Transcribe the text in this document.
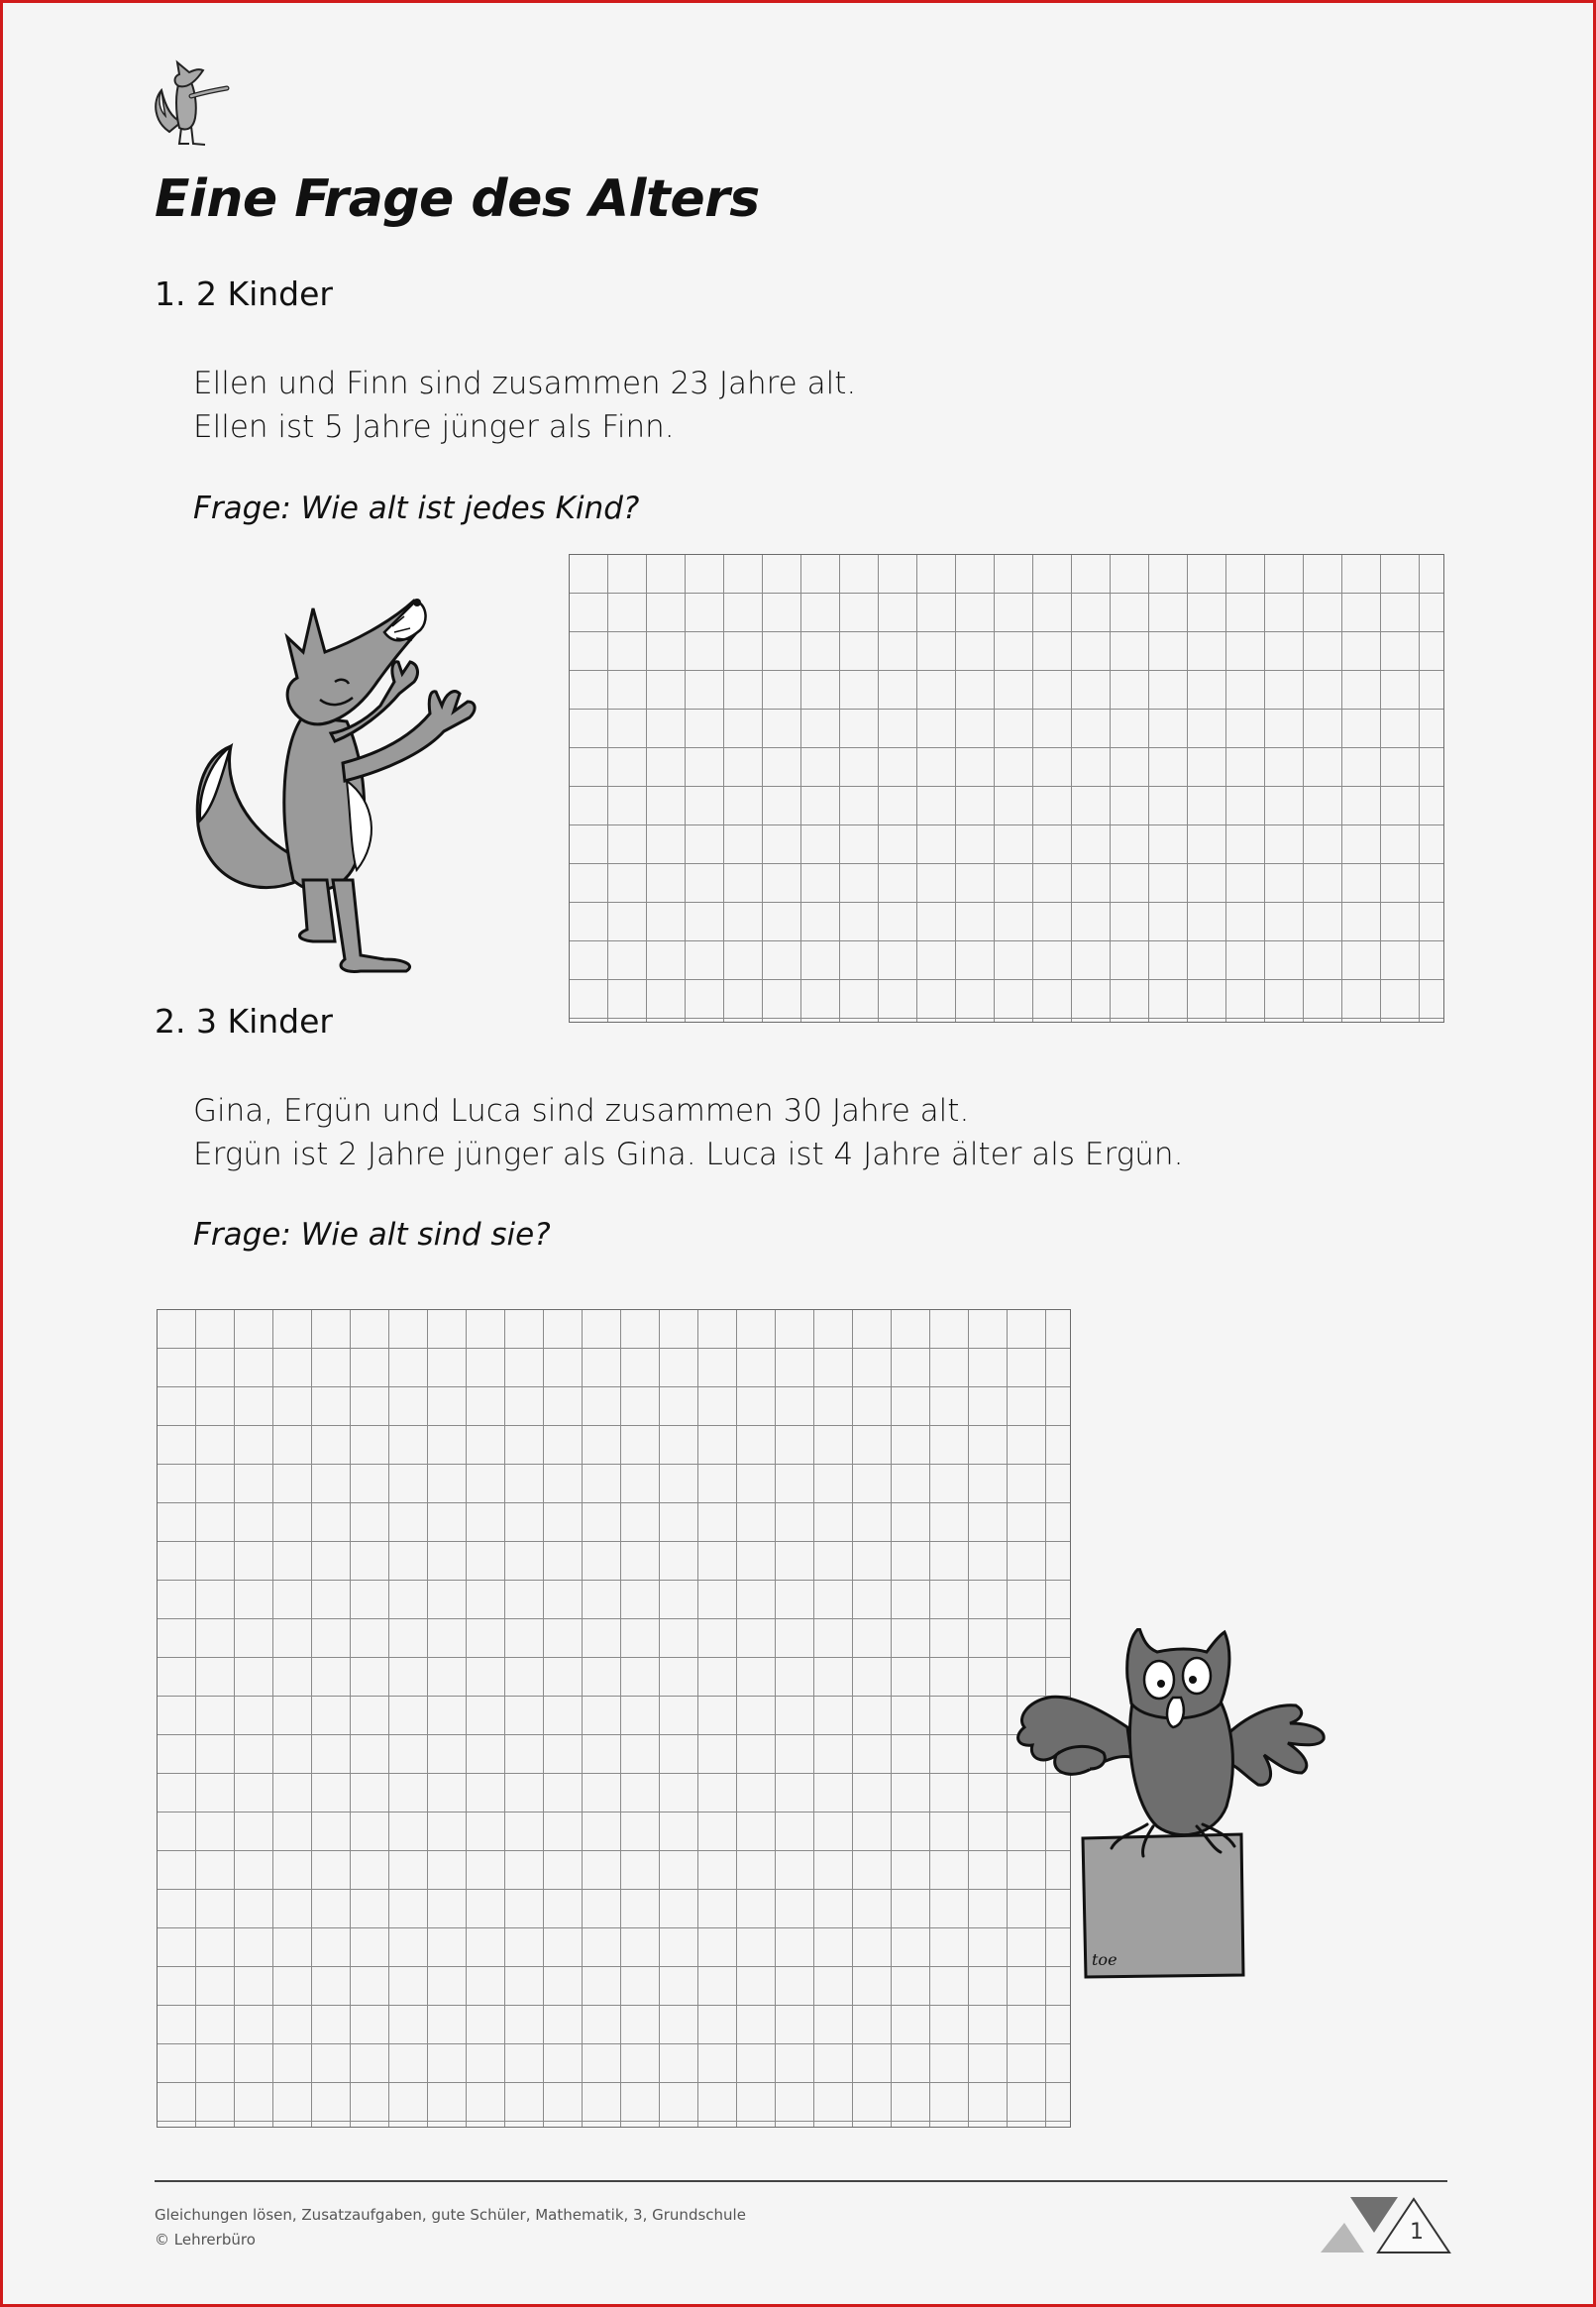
Eine Frage des Alters
1. 2 Kinder
Ellen und Finn sind zusammen 23 Jahre alt.
Ellen ist 5 Jahre jünger als Finn.
Frage: Wie alt ist jedes Kind?
2. 3 Kinder
Gina, Ergün und Luca sind zusammen 30 Jahre alt.
Ergün ist 2 Jahre jünger als Gina. Luca ist 4 Jahre älter als Ergün.
Frage: Wie alt sind sie?
toe
Gleichungen lösen, Zusatzaufgaben, gute Schüler, Mathematik, 3, Grundschule
© Lehrerbüro	1
